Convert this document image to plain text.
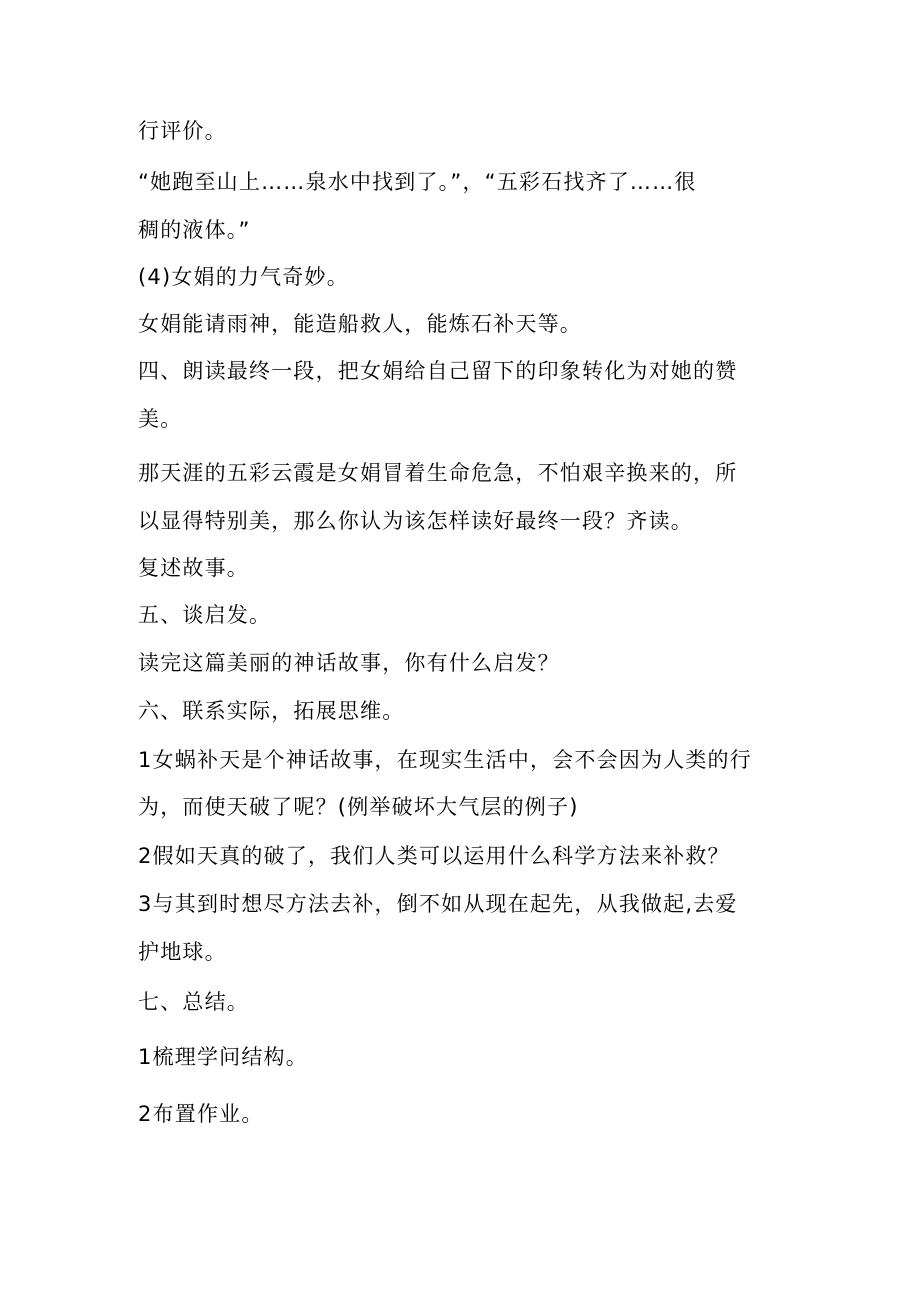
行评价。

“她跑至山上……泉水中找到了。”，“五彩石找齐了……很

稠的液体。”

(4)女娟的力气奇妙。

女娟能请雨神，能造船救人，能炼石补天等。

四、朗读最终一段，把女娟给自己留下的印象转化为对她的赞

美。

那天涯的五彩云霞是女娟冒着生命危急，不怕艰辛换来的，所

以显得特别美，那么你认为该怎样读好最终一段？齐读。

复述故事。

五、谈启发。

读完这篇美丽的神话故事，你有什么启发？

六、联系实际，拓展思维。

1女蜗补天是个神话故事，在现实生活中，会不会因为人类的行

为，而使天破了呢？(例举破坏大气层的例子)

2假如天真的破了，我们人类可以运用什么科学方法来补救？

3与其到时想尽方法去补，倒不如从现在起先，从我做起,去爱

护地球。

七、总结。

1梳理学问结构。

2布置作业。
